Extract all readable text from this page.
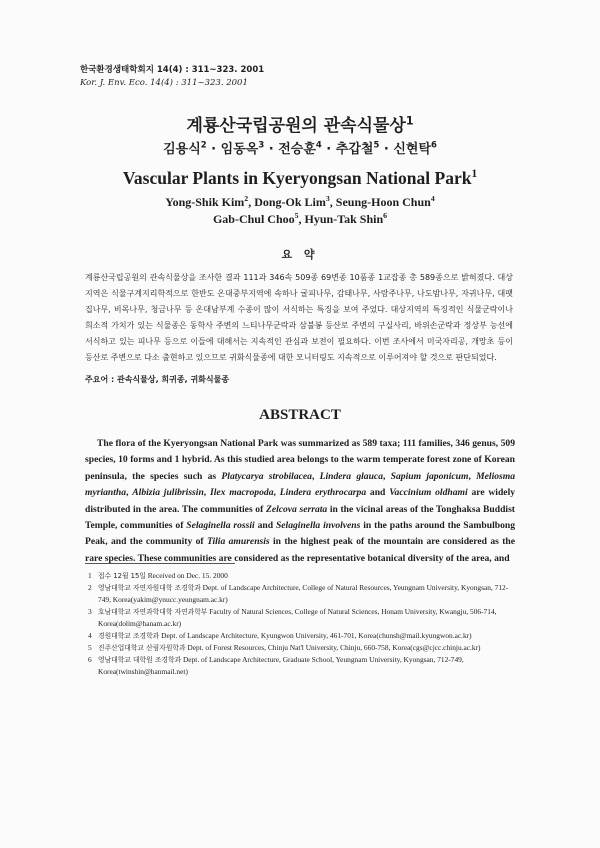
한국환경생태학회지 14(4) : 311~323. 2001
Kor. J. Env. Eco. 14(4) : 311~323. 2001
계룡산국립공원의 관속식물상$^1$
김용식$^2$ · 임동옥$^3$ · 전승훈$^4$ · 추갑철$^5$ · 신현탁$^6$
Vascular Plants in Kyeryongsan National Park$^1$
Yong-Shik Kim$^2$, Dong-Ok Lim$^3$, Seung-Hoon Chun$^4$
Gab-Chul Choo$^5$, Hyun-Tak Shin$^6$
요 약
계룡산국립공원의 관속식물상을 조사한 결과 111과 346속 509종 69변종 10품종 1교잡종 총 589종으로 밝혀졌다. 대상지역은 식물구계지리학적으로 한반도 온대중부지역에 속하나 굴피나무, 감태나무, 사람주나무, 나도밤나무, 자귀나무, 대팻집나무, 비목나무, 청금나무 등 온대남부계 수종이 많이 서식하는 특징을 보여 주었다. 대상지역의 특징적인 식물군락이나 희소적 가치가 있는 식물종은 동학사 주변의 느티나무군락과 삼불봉 등산로 주변의 구실사리, 바위손군락과 정상부 능선에 서식하고 있는 피나무 등으로 이들에 대해서는 지속적인 관심과 보전이 필요하다. 이번 조사에서 미국자리공, 개망초 등이 등산로 주변으로 다소 출현하고 있으므로 귀화식물종에 대한 모니터링도 지속적으로 이루어져야 할 것으로 판단되었다.
주요어 : 관속식물상, 희귀종, 귀화식물종
ABSTRACT
The flora of the Kyeryongsan National Park was summarized as 589 taxa; 111 families, 346 genus, 509 species, 10 forms and 1 hybrid. As this studied area belongs to the warm temperate forest zone of Korean peninsula, the species such as Platycarya strobilacea, Lindera glauca, Sapium japonicum, Meliosma myriantha, Albizia julibrissin, Ilex macropoda, Lindera erythrocarpa and Vaccinium oldhami are widely distributed in the area. The communities of Zelcova serrata in the vicinal areas of the Tonghaksa Buddist Temple, communities of Selaginella rossii and Selaginella involvens in the paths around the Sambulbong Peak, and the community of Tilia amurensis in the highest peak of the mountain are considered as the rare species. These communities are considered as the representative botanical diversity of the area, and
1 접수 12월 15일 Received on Dec. 15. 2000
2 영남대학교 자연자원대학 조경학과 Dept. of Landscape Architecture, College of Natural Resources, Yeungnam University, Kyongsan, 712-749, Korea(yakim@ynucc.yeungnam.ac.kr)
3 호남대학교 자연과학대학 자연과학부 Faculty of Natural Sciences, College of Natural Sciences, Honam University, Kwangju, 506-714, Korea(dolim@hanam.ac.kr)
4 경원대학교 조경학과 Dept. of Landscape Architecture, Kyungwon University, 461-701, Korea(chunsh@mail.kyungwon.ac.kr)
5 진주산업대학교 산림자원학과 Dept. of Forest Resources, Chinju Nat'l University, Chinju, 660-758, Korea(cgs@cjcc.chinju.ac.kr)
6 영남대학교 대학원 조경학과 Dept. of Landscape Architecture, Graduate School, Yeungnam University, Kyongsan, 712-749, Korea(twinshin@hanmail.net)
